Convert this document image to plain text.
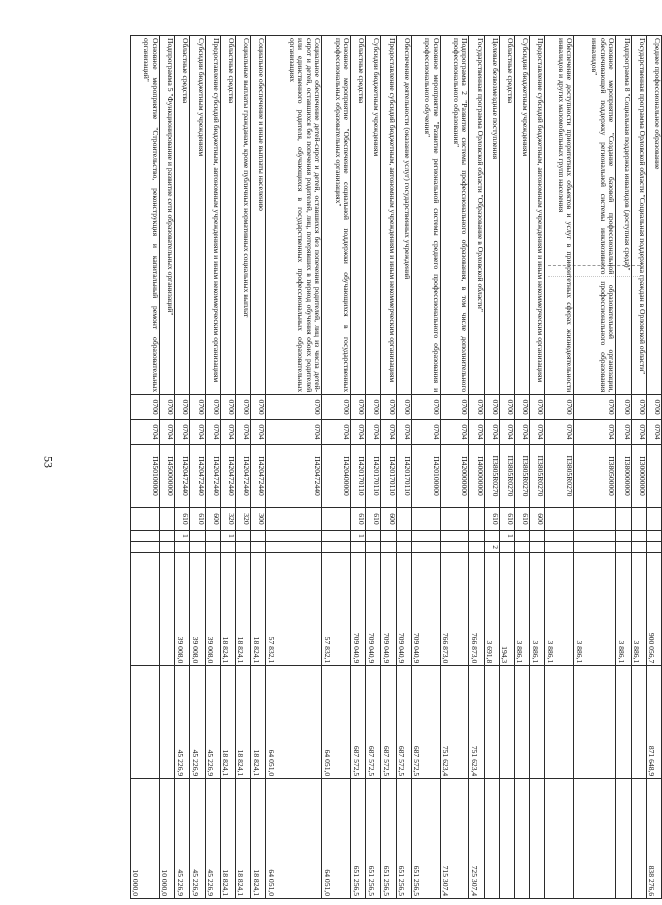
53
Среднее профессиональное образование	0700	0704					900 056,7	871 648,9	838 276,6
Государственная программа Орловской области "Социальная поддержка граждан в Орловской области"	0700	0704	П300000000				3 886,1		
Подпрограмма 8 "Социальная поддержка инвалидов (доступная среда)"	0700	0704	П380000000				3 886,1		
Основное мероприятие "Создание базовой профессиональной образовательной организации, обеспечивающей поддержку региональной системы инклюзивного профессионального образования инвалидов"	0700	0704	П380500000				3 886,1		
Обеспечение доступности приоритетных объектов и услуг в приоритетных сферах жизнедеятельности инвалидов и других маломобильных групп населения	0700	0704	П3805R0270				3 886,1		
Предоставление субсидий бюджетным, автономным учреждениям и иным некоммерческим организациям	0700	0704	П3805R0270	600			3 886,1		
Субсидии бюджетным учреждениям	0700	0704	П3805R0270	610			3 886,1		
Областные средства	0700	0704	П3805R0270	610	1		194,3		
Целевые безвозмездные поступления	0700	0704	П3805R0270	610		2	3 691,8		
Государственная программа Орловской области "Образование в Орловской области"	0700	0704	П400000000				766 873,0	751 623,4	725 307,4
Подпрограмма 2 "Развитие системы профессионального образования, в том числе дополнительного профессионального образования"	0700	0704	П420000000				766 873,0	751 623,4	715 307,4
Основное мероприятие "Развитие региональной системы среднего профессионального образования и профессионального обучения"	0700	0704	П420100000				709 040,9	687 572,5	651 256,5
Обеспечение деятельности (оказание услуг) государственных учреждений	0700	0704	П420170110				709 040,9	687 572,5	651 256,5
Предоставление субсидий бюджетным, автономным учреждениям и иным некоммерческим организациям	0700	0704	П420170110	600			709 040,9	687 572,5	651 256,5
Субсидии бюджетным учреждениям	0700	0704	П420170110	610			709 040,9	687 572,5	651 256,5
Областные средства	0700	0704	П420170110	610	1		709 040,9	687 572,5	651 256,5
Основное мероприятие "Обеспечение социальной поддержки обучающихся в государственных профессиональных образовательных организациях"	0700	0704	П420400000				57 832,1	64 051,0	64 051,0
Социальное обеспечение детей-сирот и детей, оставшихся без попечения родителей, лиц из числа детей-сирот и детей, оставшихся без попечения родителей, лиц, потерявших в период обучения обоих родителей или единственного родителя, обучающихся в государственных профессиональных образовательных организациях	0700	0704	П420472440				57 832,1	64 051,0	64 051,0
Социальное обеспечение и иные выплаты населению	0700	0704	П420472440	300			18 824,1	18 824,1	18 824,1
Социальные выплаты гражданам, кроме публичных нормативных социальных выплат	0700	0704	П420472440	320			18 824,1	18 824,1	18 824,1
Областные средства	0700	0704	П420472440	320	1		18 824,1	18 824,1	18 824,1
Предоставление субсидий бюджетным, автономным учреждениям и иным некоммерческим организациям	0700	0704	П420472440	600			39 008,0	45 226,9	45 226,9
Субсидии бюджетным учреждениям	0700	0704	П420472440	610			39 008,0	45 226,9	45 226,9
Областные средства	0700	0704	П420472440	610	1		39 008,0	45 226,9	45 226,9
Подпрограмма 5 "Функционирование и развитие сети образовательных организаций"	0700	0704	П450000000						10 000,0
Основное мероприятие "Строительство, реконструкция и капитальный ремонт образовательных организаций"	0700	0704	П450100000						10 000,0
